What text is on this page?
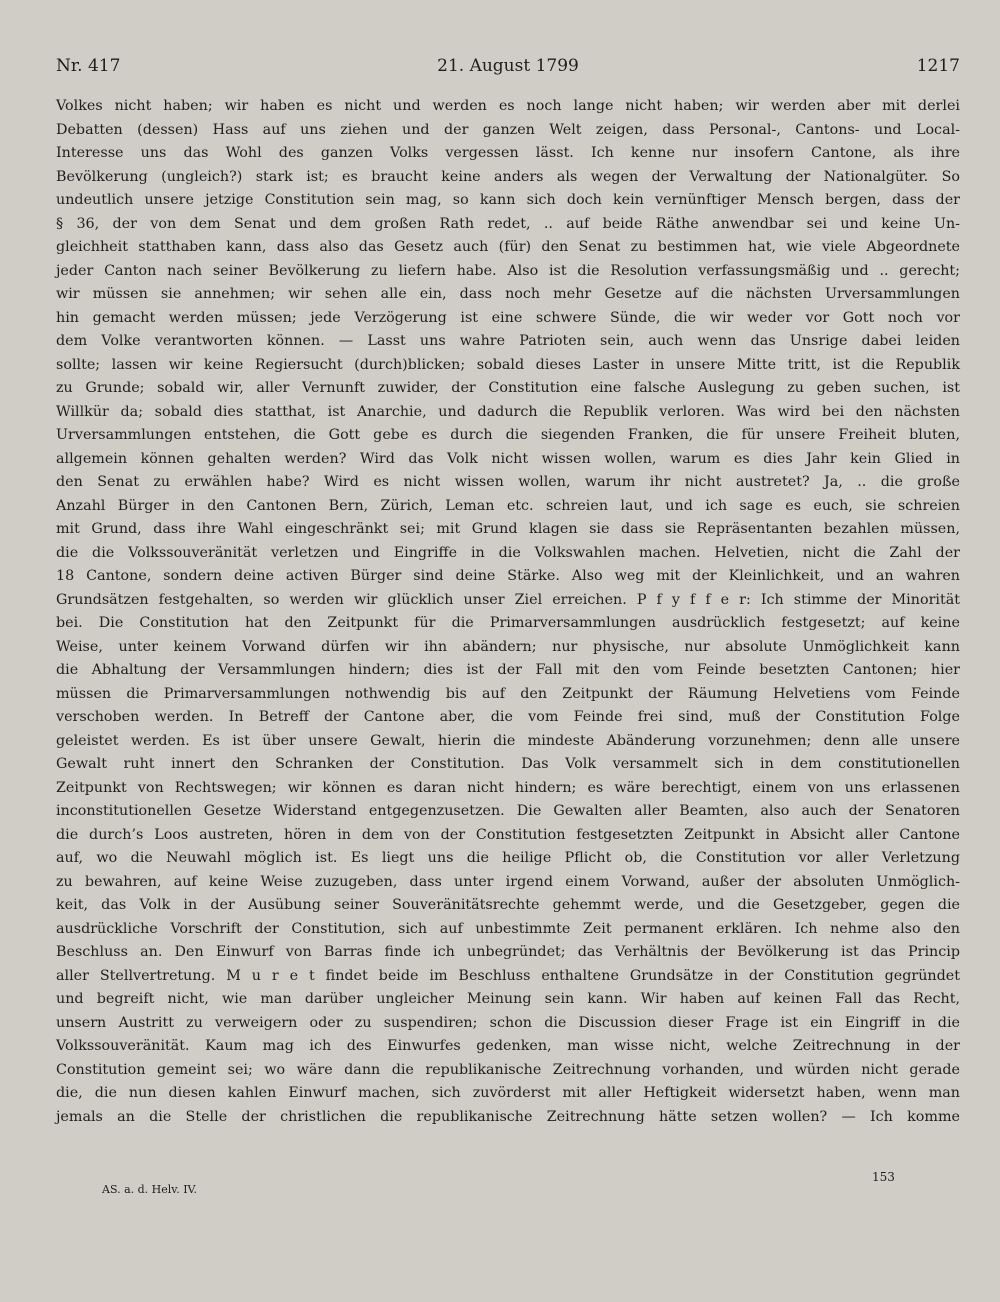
Nr. 417	21. August 1799	1217
Volkes nicht haben; wir haben es nicht und werden es noch lange nicht haben; wir werden aber mit derlei
Debatten (dessen) Hass auf uns ziehen und der ganzen Welt zeigen, dass Personal-, Cantons- und Local-
Interesse uns das Wohl des ganzen Volks vergessen lässt. Ich kenne nur insofern Cantone, als ihre
Bevölkerung (ungleich?) stark ist; es braucht keine anders als wegen der Verwaltung der Nationalgüter. So
undeutlich unsere jetzige Constitution sein mag, so kann sich doch kein vernünftiger Mensch bergen, dass der
§ 36, der von dem Senat und dem großen Rath redet, .. auf beide Räthe anwendbar sei und keine Un-
gleichheit statthaben kann, dass also das Gesetz auch (für) den Senat zu bestimmen hat, wie viele Abgeordnete
jeder Canton nach seiner Bevölkerung zu liefern habe. Also ist die Resolution verfassungsmäßig und .. gerecht;
wir müssen sie annehmen; wir sehen alle ein, dass noch mehr Gesetze auf die nächsten Urversammlungen
hin gemacht werden müssen; jede Verzögerung ist eine schwere Sünde, die wir weder vor Gott noch vor
dem Volke verantworten können. — Lasst uns wahre Patrioten sein, auch wenn das Unsrige dabei leiden
sollte; lassen wir keine Regiersucht (durch)blicken; sobald dieses Laster in unsere Mitte tritt, ist die Republik
zu Grunde; sobald wir, aller Vernunft zuwider, der Constitution eine falsche Auslegung zu geben suchen, ist
Willkür da; sobald dies statthat, ist Anarchie, und dadurch die Republik verloren. Was wird bei den nächsten
Urversammlungen entstehen, die Gott gebe es durch die siegenden Franken, die für unsere Freiheit bluten,
allgemein können gehalten werden? Wird das Volk nicht wissen wollen, warum es dies Jahr kein Glied in
den Senat zu erwählen habe? Wird es nicht wissen wollen, warum ihr nicht austretet? Ja, .. die große
Anzahl Bürger in den Cantonen Bern, Zürich, Leman etc. schreien laut, und ich sage es euch, sie schreien
mit Grund, dass ihre Wahl eingeschränkt sei; mit Grund klagen sie dass sie Repräsentanten bezahlen müssen,
die die Volkssouveränität verletzen und Eingriffe in die Volkswahlen machen. Helvetien, nicht die Zahl der
18 Cantone, sondern deine activen Bürger sind deine Stärke. Also weg mit der Kleinlichkeit, und an wahren
Grundsätzen festgehalten, so werden wir glücklich unser Ziel erreichen. P f y f f e r: Ich stimme der Minorität
bei. Die Constitution hat den Zeitpunkt für die Primarversammlungen ausdrücklich festgesetzt; auf keine
Weise, unter keinem Vorwand dürfen wir ihn abändern; nur physische, nur absolute Unmöglichkeit kann
die Abhaltung der Versammlungen hindern; dies ist der Fall mit den vom Feinde besetzten Cantonen; hier
müssen die Primarversammlungen nothwendig bis auf den Zeitpunkt der Räumung Helvetiens vom Feinde
verschoben werden. In Betreff der Cantone aber, die vom Feinde frei sind, muß der Constitution Folge
geleistet werden. Es ist über unsere Gewalt, hierin die mindeste Abänderung vorzunehmen; denn alle unsere
Gewalt ruht innert den Schranken der Constitution. Das Volk versammelt sich in dem constitutionellen
Zeitpunkt von Rechtswegen; wir können es daran nicht hindern; es wäre berechtigt, einem von uns erlassenen
inconstitutionellen Gesetze Widerstand entgegenzusetzen. Die Gewalten aller Beamten, also auch der Senatoren
die durch’s Loos austreten, hören in dem von der Constitution festgesetzten Zeitpunkt in Absicht aller Cantone
auf, wo die Neuwahl möglich ist. Es liegt uns die heilige Pflicht ob, die Constitution vor aller Verletzung
zu bewahren, auf keine Weise zuzugeben, dass unter irgend einem Vorwand, außer der absoluten Unmöglich-
keit, das Volk in der Ausübung seiner Souveränitätsrechte gehemmt werde, und die Gesetzgeber, gegen die
ausdrückliche Vorschrift der Constitution, sich auf unbestimmte Zeit permanent erklären. Ich nehme also den
Beschluss an. Den Einwurf von Barras finde ich unbegründet; das Verhältnis der Bevölkerung ist das Princip
aller Stellvertretung. M u r e t findet beide im Beschluss enthaltene Grundsätze in der Constitution gegründet
und begreift nicht, wie man darüber ungleicher Meinung sein kann. Wir haben auf keinen Fall das Recht,
unsern Austritt zu verweigern oder zu suspendiren; schon die Discussion dieser Frage ist ein Eingriff in die
Volkssouveränität. Kaum mag ich des Einwurfes gedenken, man wisse nicht, welche Zeitrechnung in der
Constitution gemeint sei; wo wäre dann die republikanische Zeitrechnung vorhanden, und würden nicht gerade
die, die nun diesen kahlen Einwurf machen, sich zuvörderst mit aller Heftigkeit widersetzt haben, wenn man
jemals an die Stelle der christlichen die republikanische Zeitrechnung hätte setzen wollen? — Ich komme
AS. a. d. Helv. IV.
153
